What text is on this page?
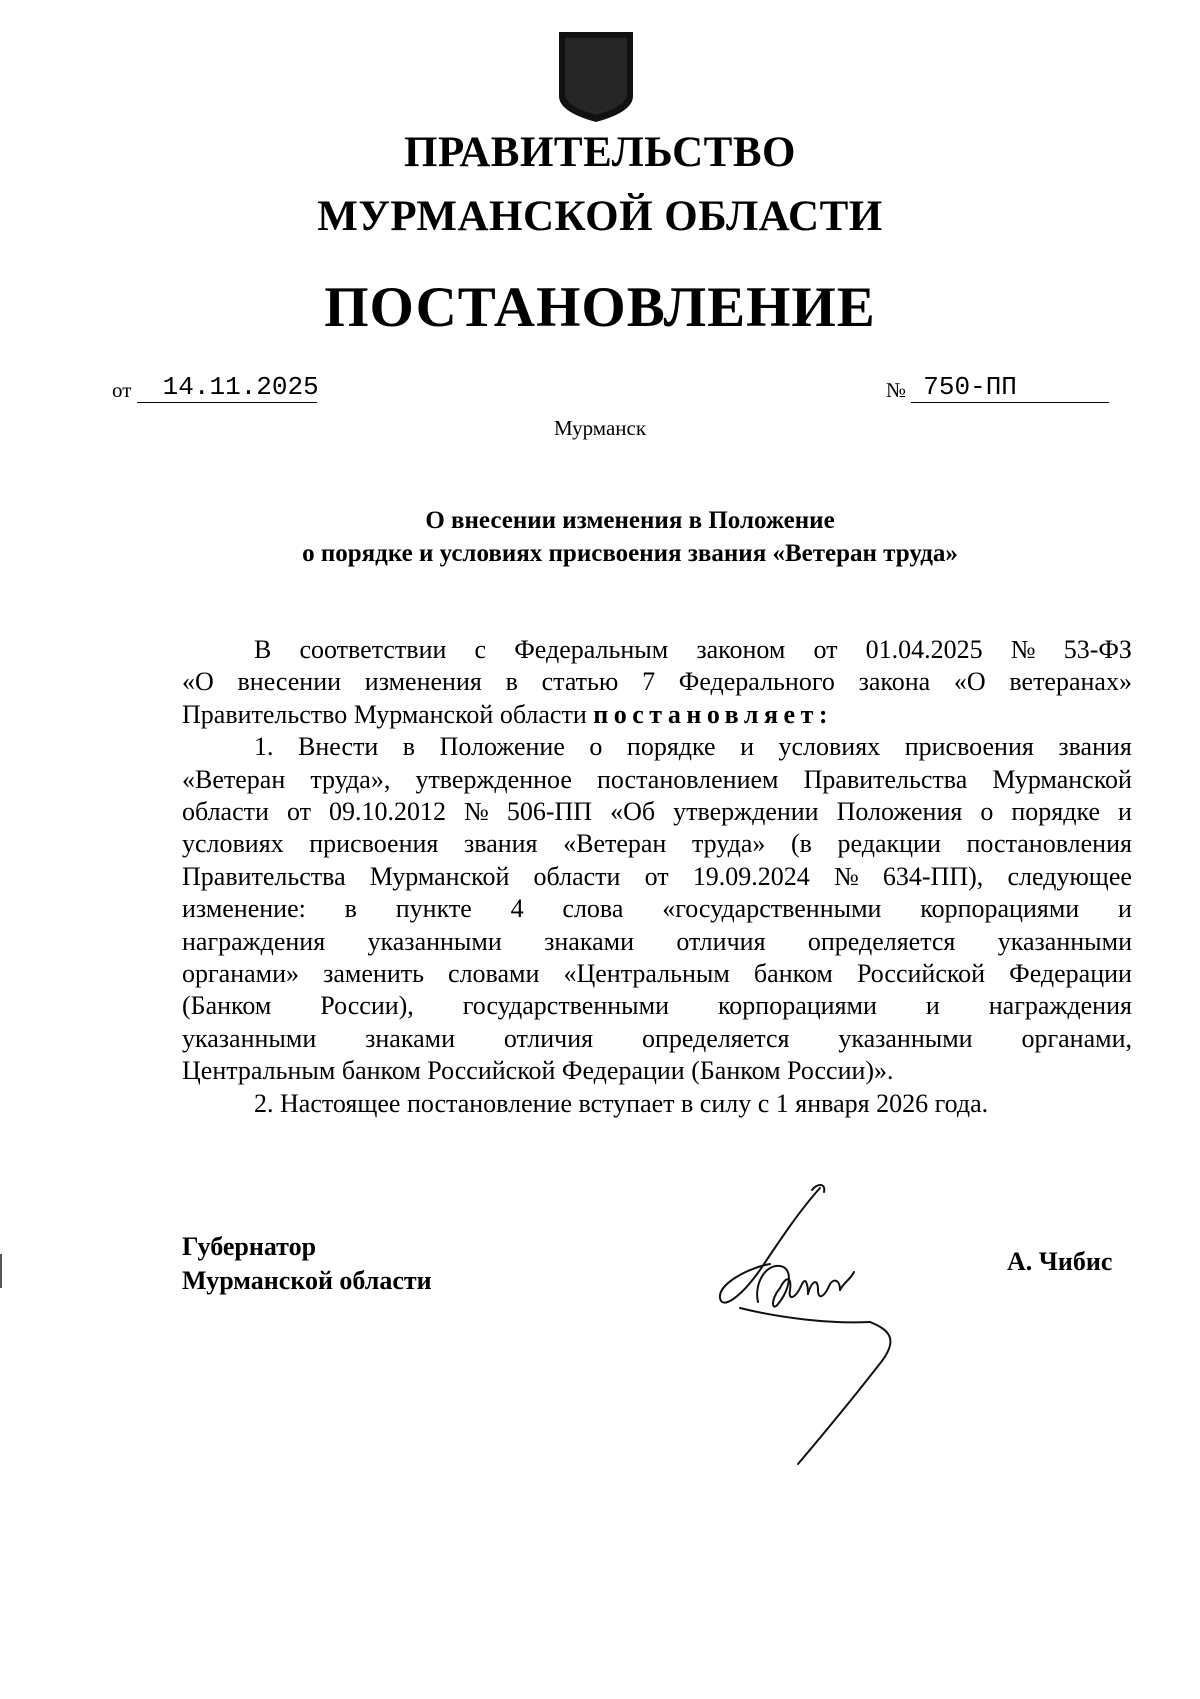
ПРАВИТЕЛЬСТВО
МУРМАНСКОЙ ОБЛАСТИ
ПОСТАНОВЛЕНИЕ
от 14.11.2025	№ 750-ПП
Мурманск
О внесении изменения в Положение
о порядке и условиях присвоения звания «Ветеран труда»
В соответствии с Федеральным законом от 01.04.2025 № 53-ФЗ
«О внесении изменения в статью 7 Федерального закона «О ветеранах»
Правительство Мурманской области
постановляет:
1. Внести в Положение о порядке и условиях присвоения звания
«Ветеран труда», утвержденное постановлением Правительства Мурманской
области от 09.10.2012 № 506-ПП «Об утверждении Положения о порядке и
условиях присвоения звания «Ветеран труда» (в редакции постановления
Правительства Мурманской области от 19.09.2024 № 634-ПП), следующее
изменение: в пункте 4 слова «государственными корпорациями и
награждения указанными знаками отличия определяется указанными
органами» заменить словами «Центральным банком Российской Федерации
(Банком России), государственными корпорациями и награждения
указанными знаками отличия определяется указанными органами,
Центральным банком Российской Федерации (Банком России)».
2. Настоящее постановление вступает в силу с 1 января 2026 года.
Губернатор
Мурманской области
А. Чибис
